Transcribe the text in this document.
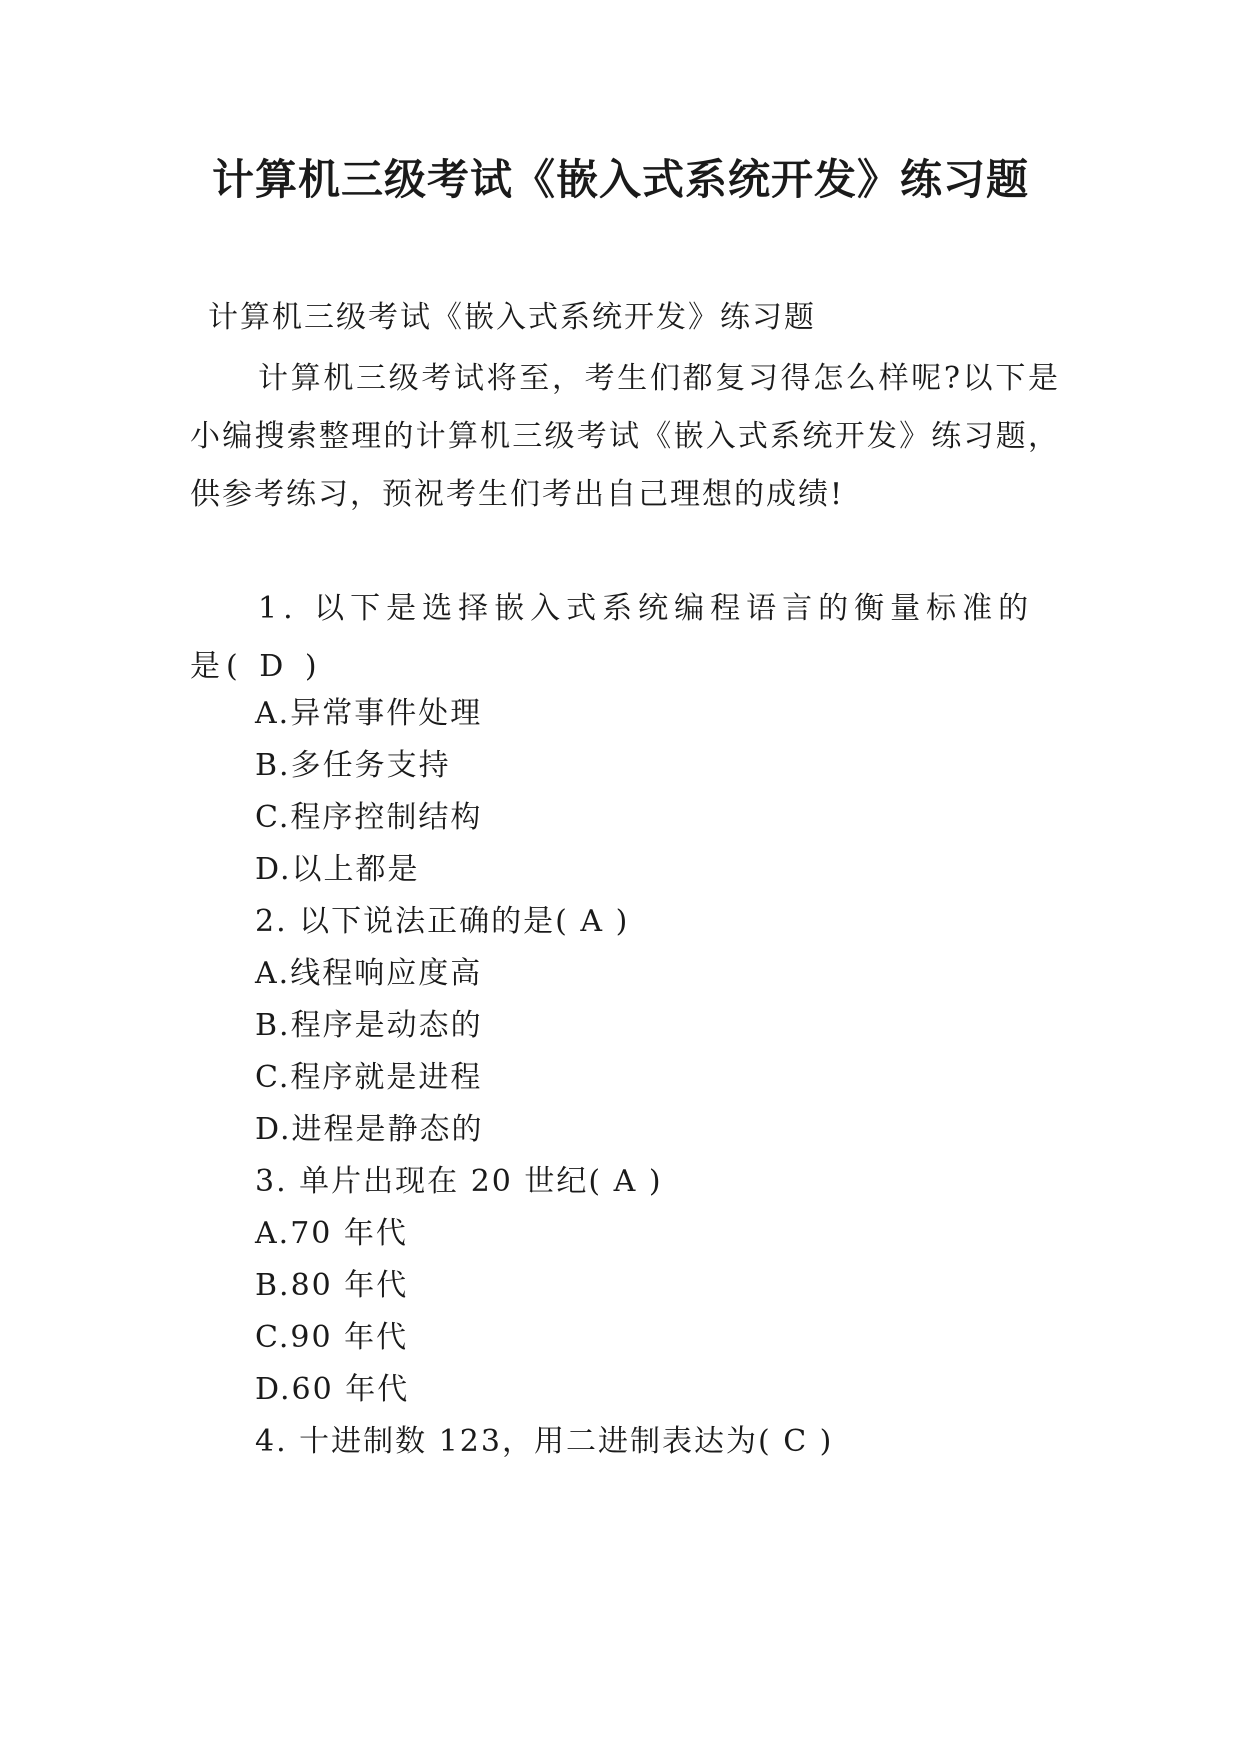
计算机三级考试《嵌入式系统开发》练习题

计算机三级考试《嵌入式系统开发》练习题

计算机三级考试将至，考生们都复习得怎么样呢?以下是小编搜索整理的计算机三级考试《嵌入式系统开发》练习题，供参考练习，预祝考生们考出自己理想的成绩!

1. 以下是选择嵌入式系统编程语言的衡量标准的是( D )

A.异常事件处理

B.多任务支持

C.程序控制结构

D.以上都是

2. 以下说法正确的是( A )

A.线程响应度高

B.程序是动态的

C.程序就是进程

D.进程是静态的

3. 单片出现在 20 世纪( A )

A.70 年代

B.80 年代

C.90 年代

D.60 年代

4. 十进制数 123，用二进制表达为( C )
